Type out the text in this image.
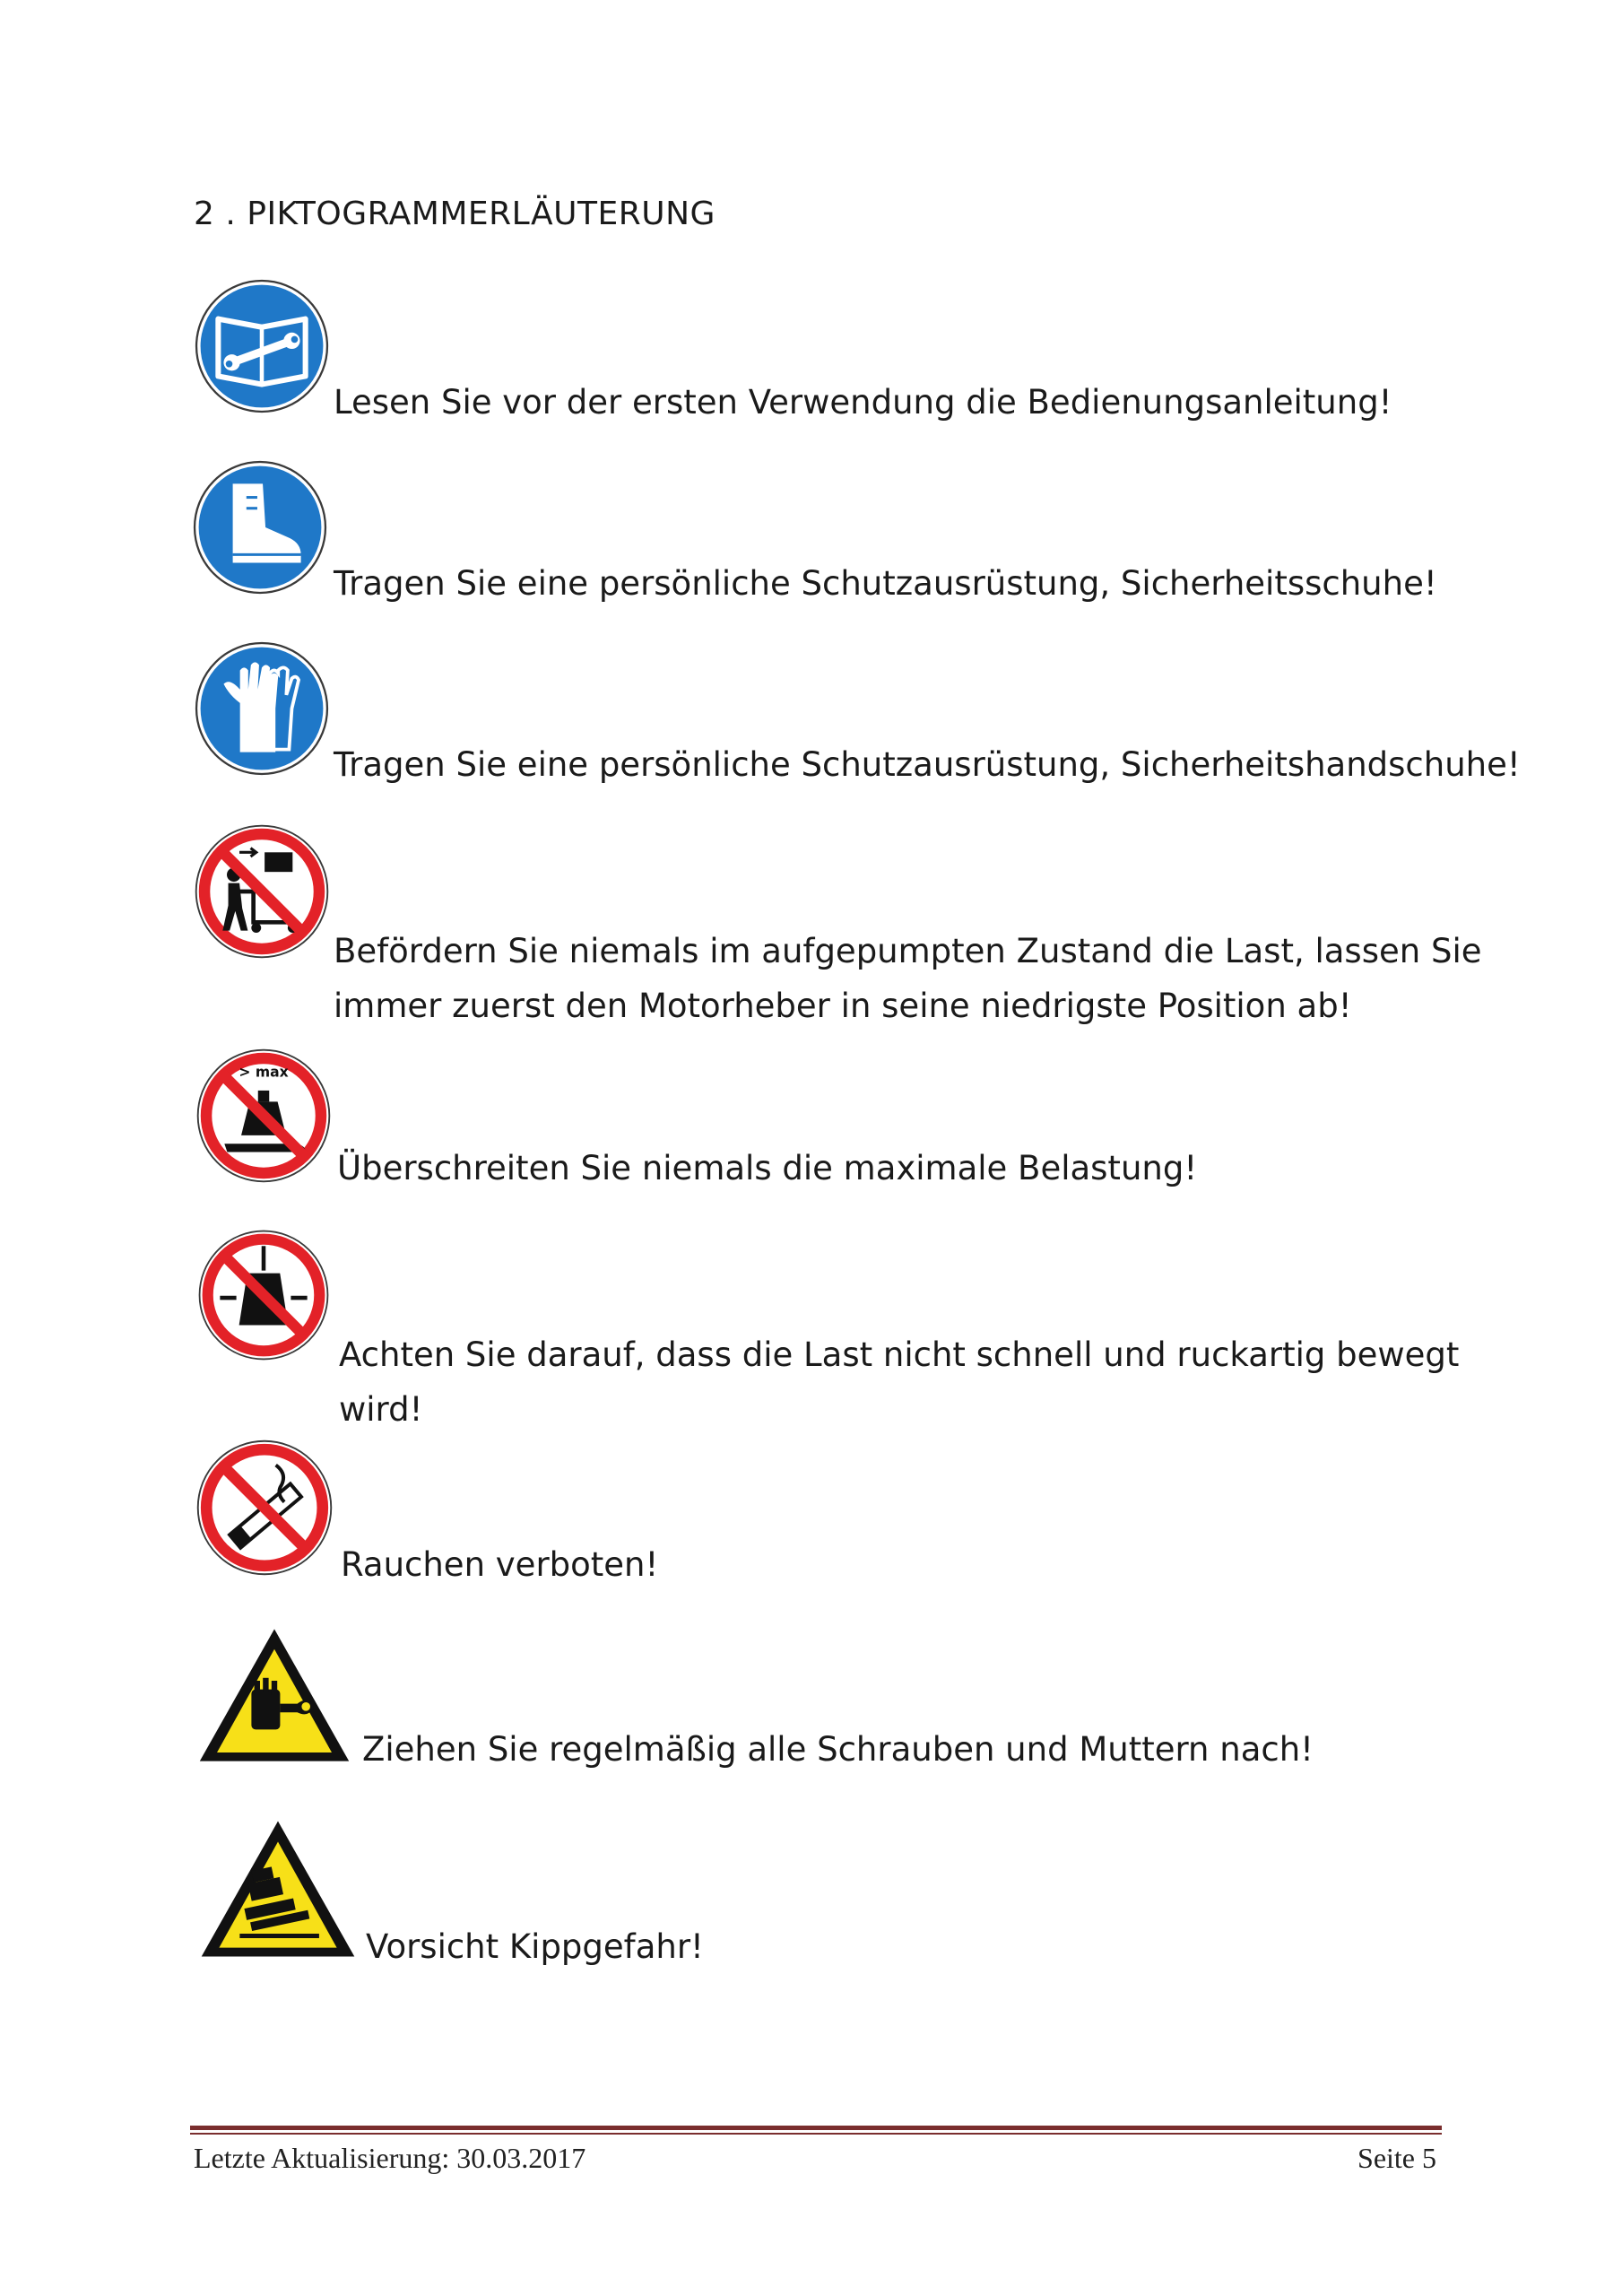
2 . PIKTOGRAMMERLÄUTERUNG
Lesen Sie vor der ersten Verwendung die Bedienungsanleitung!
Tragen Sie eine persönliche Schutzausrüstung, Sicherheitsschuhe!
Tragen Sie eine persönliche Schutzausrüstung, Sicherheitshandschuhe!
Befördern Sie niemals im aufgepumpten Zustand die Last, lassen Sie
immer zuerst den Motorheber in seine niedrigste Position ab!
> max
Überschreiten Sie niemals die maximale Belastung!
Achten Sie darauf, dass die Last nicht schnell und ruckartig bewegt
wird!
Rauchen verboten!
Ziehen Sie regelmäßig alle Schrauben und Muttern nach!
Vorsicht Kippgefahr!
Letzte Aktualisierung: 30.03.2017	Seite 5
